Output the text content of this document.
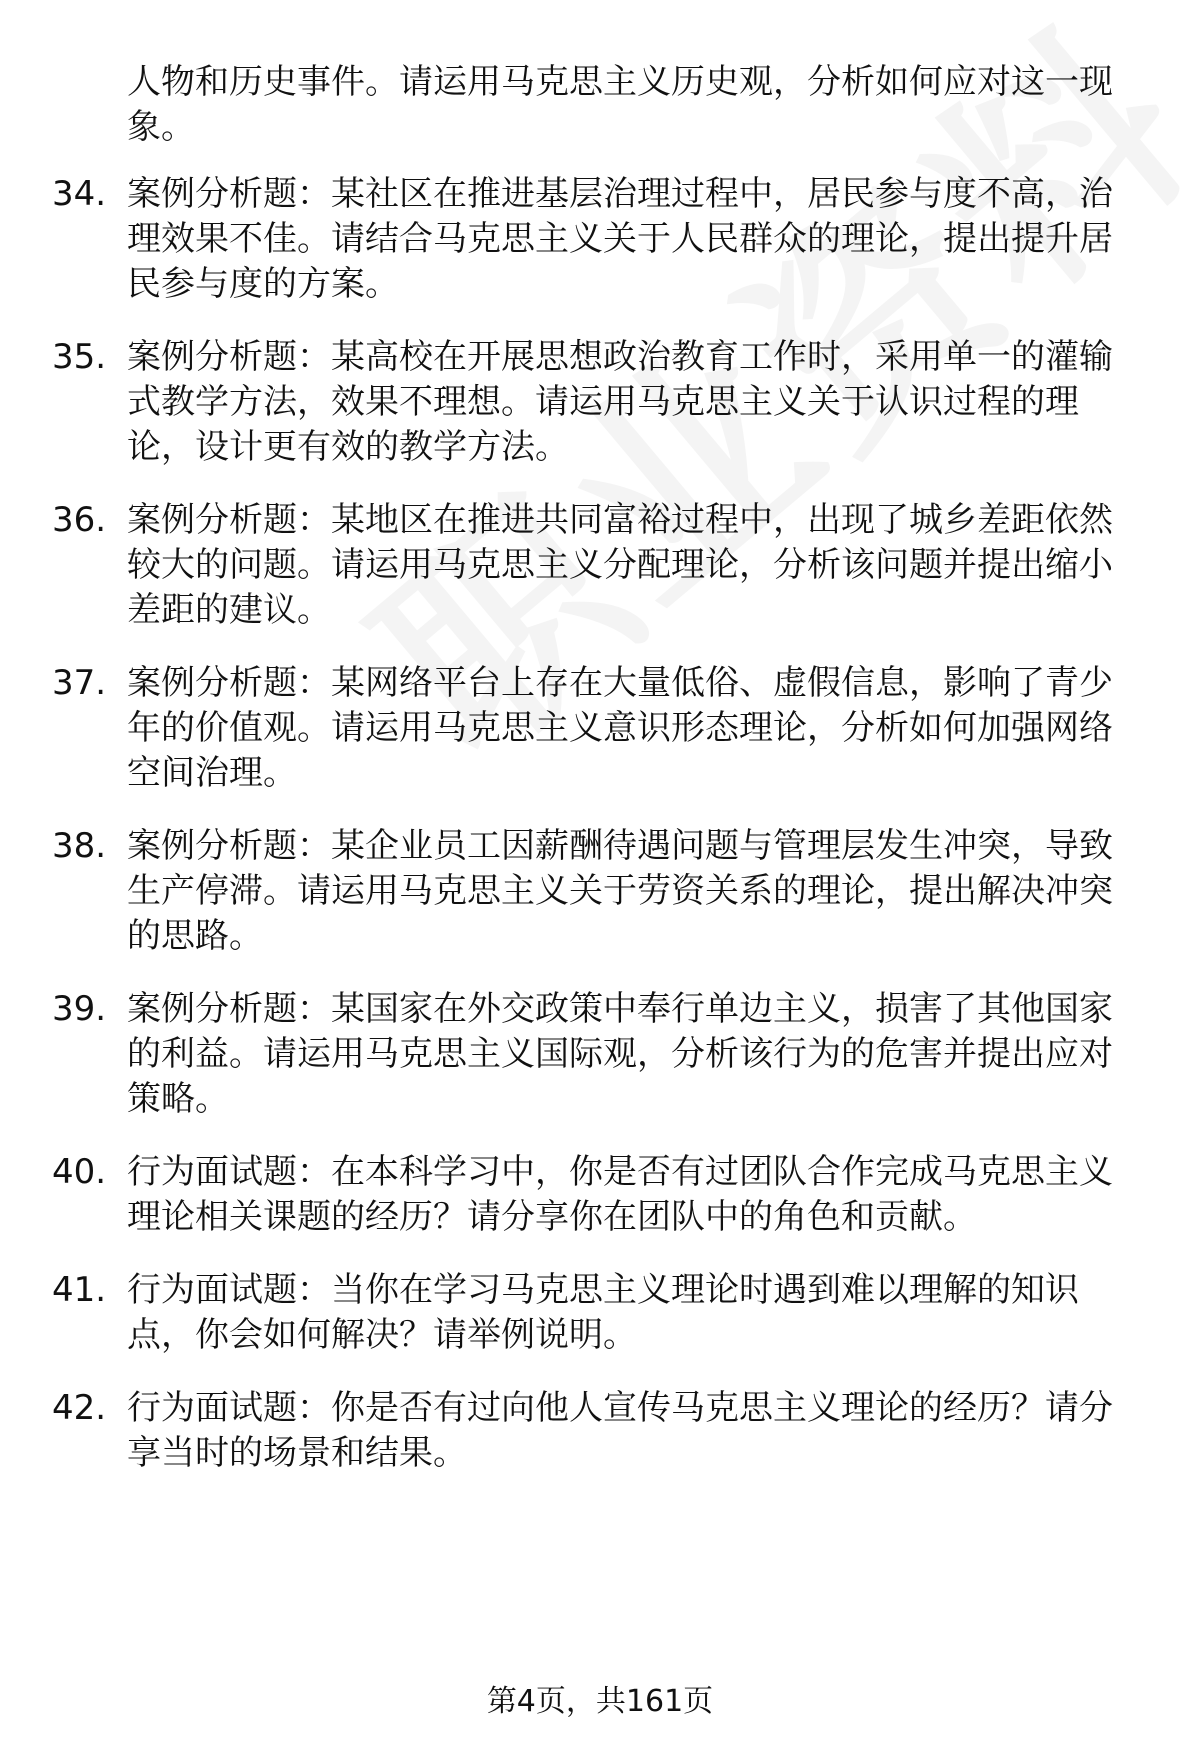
人物和历史事件。请运用马克思主义历史观，分析如何应对这一现象。

34. 案例分析题：某社区在推进基层治理过程中，居民参与度不高，治理效果不佳。请结合马克思主义关于人民群众的理论，提出提升居民参与度的方案。

35. 案例分析题：某高校在开展思想政治教育工作时，采用单一的灌输式教学方法，效果不理想。请运用马克思主义关于认识过程的理论，设计更有效的教学方法。

36. 案例分析题：某地区在推进共同富裕过程中，出现了城乡差距依然较大的问题。请运用马克思主义分配理论，分析该问题并提出缩小差距的建议。

37. 案例分析题：某网络平台上存在大量低俗、虚假信息，影响了青少年的价值观。请运用马克思主义意识形态理论，分析如何加强网络空间治理。

38. 案例分析题：某企业员工因薪酬待遇问题与管理层发生冲突，导致生产停滞。请运用马克思主义关于劳资关系的理论，提出解决冲突的思路。

39. 案例分析题：某国家在外交政策中奉行单边主义，损害了其他国家的利益。请运用马克思主义国际观，分析该行为的危害并提出应对策略。

40. 行为面试题：在本科学习中，你是否有过团队合作完成马克思主义理论相关课题的经历？请分享你在团队中的角色和贡献。

41. 行为面试题：当你在学习马克思主义理论时遇到难以理解的知识点，你会如何解决？请举例说明。

42. 行为面试题：你是否有过向他人宣传马克思主义理论的经历？请分享当时的场景和结果。

第4页，共161页
